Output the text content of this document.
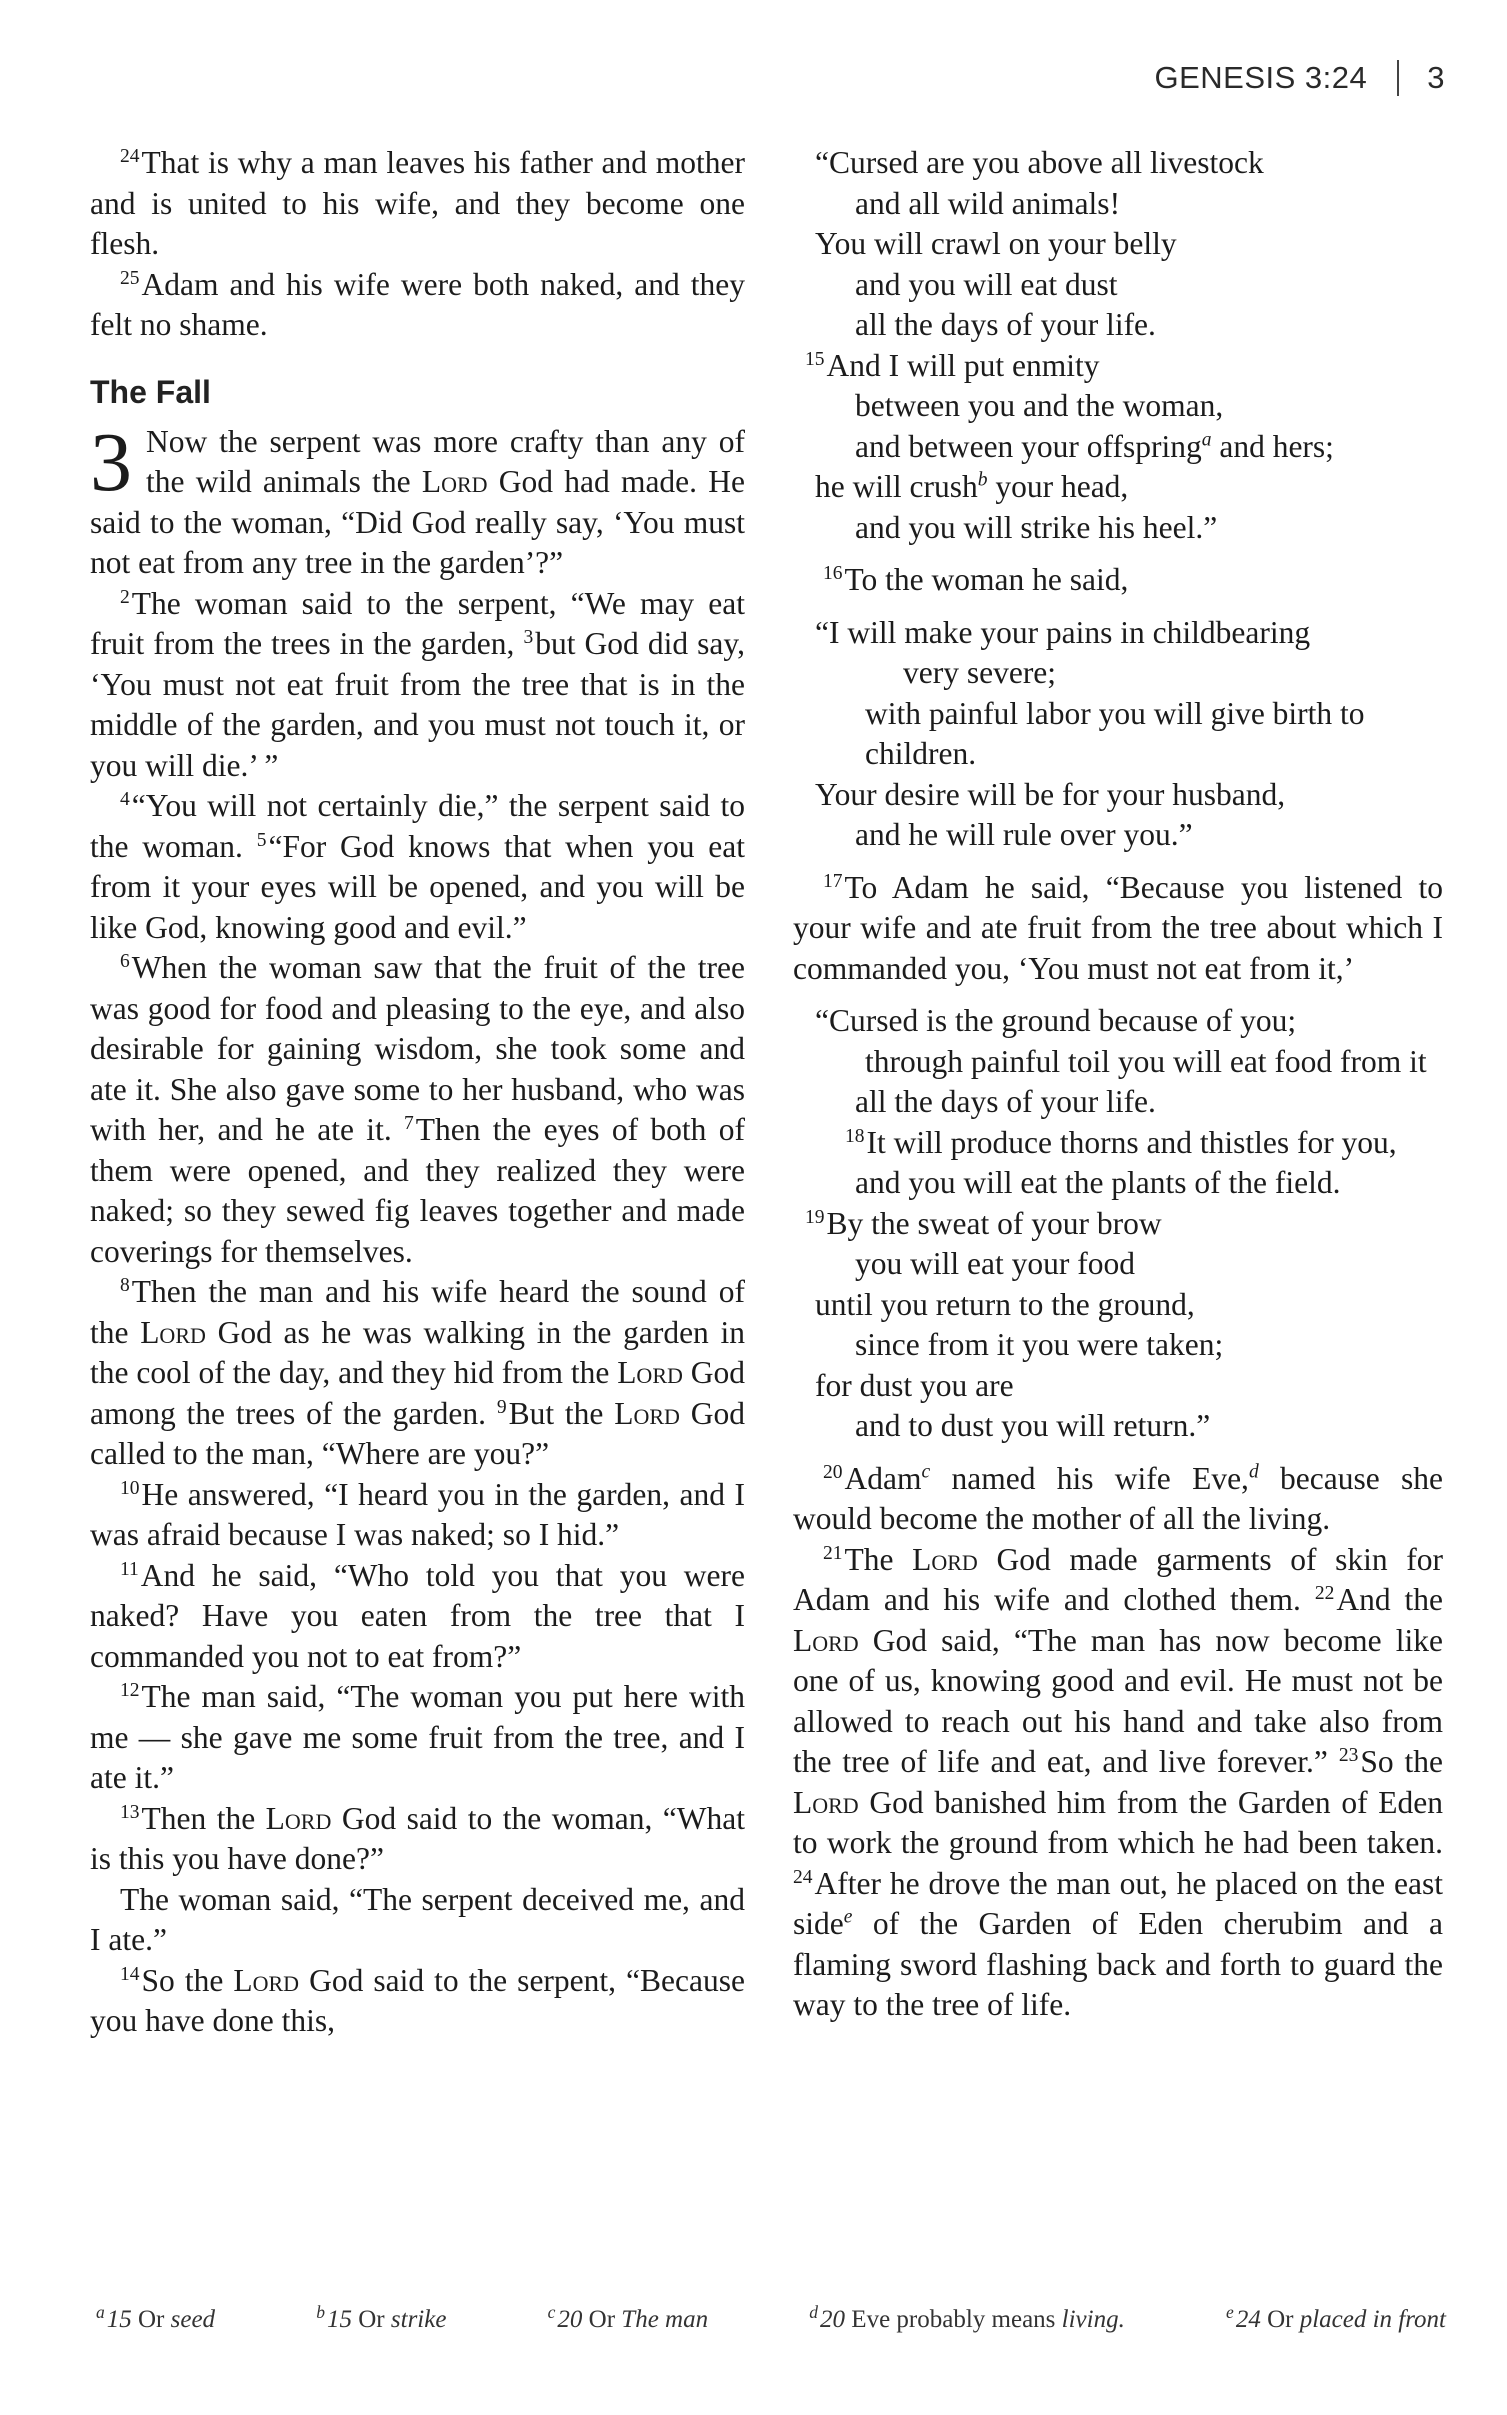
GENESIS 3:24 3

$^{24}$That is why a man leaves his father and mother and is united to his wife, and they become one flesh.

$^{25}$Adam and his wife were both naked, and they felt no shame.

The Fall

3 Now the serpent was more crafty than any of the wild animals the Lord God had made. He said to the woman, “Did God really say, ‘You must not eat from any tree in the garden’?”

$^2$The woman said to the serpent, “We may eat fruit from the trees in the garden, $^3$but God did say, ‘You must not eat fruit from the tree that is in the middle of the garden, and you must not touch it, or you will die.’ ”

$^4$“You will not certainly die,” the serpent said to the woman. $^5$“For God knows that when you eat from it your eyes will be opened, and you will be like God, knowing good and evil.”

$^6$When the woman saw that the fruit of the tree was good for food and pleasing to the eye, and also desirable for gaining wisdom, she took some and ate it. She also gave some to her husband, who was with her, and he ate it. $^7$Then the eyes of both of them were opened, and they realized they were naked; so they sewed fig leaves together and made coverings for themselves.

$^8$Then the man and his wife heard the sound of the Lord God as he was walking in the garden in the cool of the day, and they hid from the Lord God among the trees of the garden. $^9$But the Lord God called to the man, “Where are you?”

$^{10}$He answered, “I heard you in the garden, and I was afraid because I was naked; so I hid.”

$^{11}$And he said, “Who told you that you were naked? Have you eaten from the tree that I commanded you not to eat from?”

$^{12}$The man said, “The woman you put here with me — she gave me some fruit from the tree, and I ate it.”

$^{13}$Then the Lord God said to the woman, “What is this you have done?”

The woman said, “The serpent deceived me, and I ate.”

$^{14}$So the Lord God said to the serpent, “Because you have done this,

“Cursed are you above all livestock

and all wild animals!

You will crawl on your belly

and you will eat dust

all the days of your life.

$^{15}$And I will put enmity

between you and the woman,

and between your offspring$^a$ and hers;

he will crush$^b$ your head,

and you will strike his heel.”

$^{16}$To the woman he said,

“I will make your pains in childbearing

very severe;

with painful labor you will give birth to children.

Your desire will be for your husband,

and he will rule over you.”

$^{17}$To Adam he said, “Because you listened to your wife and ate fruit from the tree about which I commanded you, ‘You must not eat from it,’

“Cursed is the ground because of you;

through painful toil you will eat food from it

all the days of your life.

$^{18}$It will produce thorns and thistles for you,

and you will eat the plants of the field.

$^{19}$By the sweat of your brow

you will eat your food

until you return to the ground,

since from it you were taken;

for dust you are

and to dust you will return.”

$^{20}$Adam$^c$ named his wife Eve,$^d$ because she would become the mother of all the living.

$^{21}$The Lord God made garments of skin for Adam and his wife and clothed them. $^{22}$And the Lord God said, “The man has now become like one of us, knowing good and evil. He must not be allowed to reach out his hand and take also from the tree of life and eat, and live forever.” $^{23}$So the Lord God banished him from the Garden of Eden to work the ground from which he had been taken. $^{24}$After he drove the man out, he placed on the east side$^e$ of the Garden of Eden cherubim and a flaming sword flashing back and forth to guard the way to the tree of life.

$^a$15 Or seed	$^b$15 Or strike	$^c$20 Or The man	$^d$20 Eve probably means living.	$^e$24 Or placed in front
